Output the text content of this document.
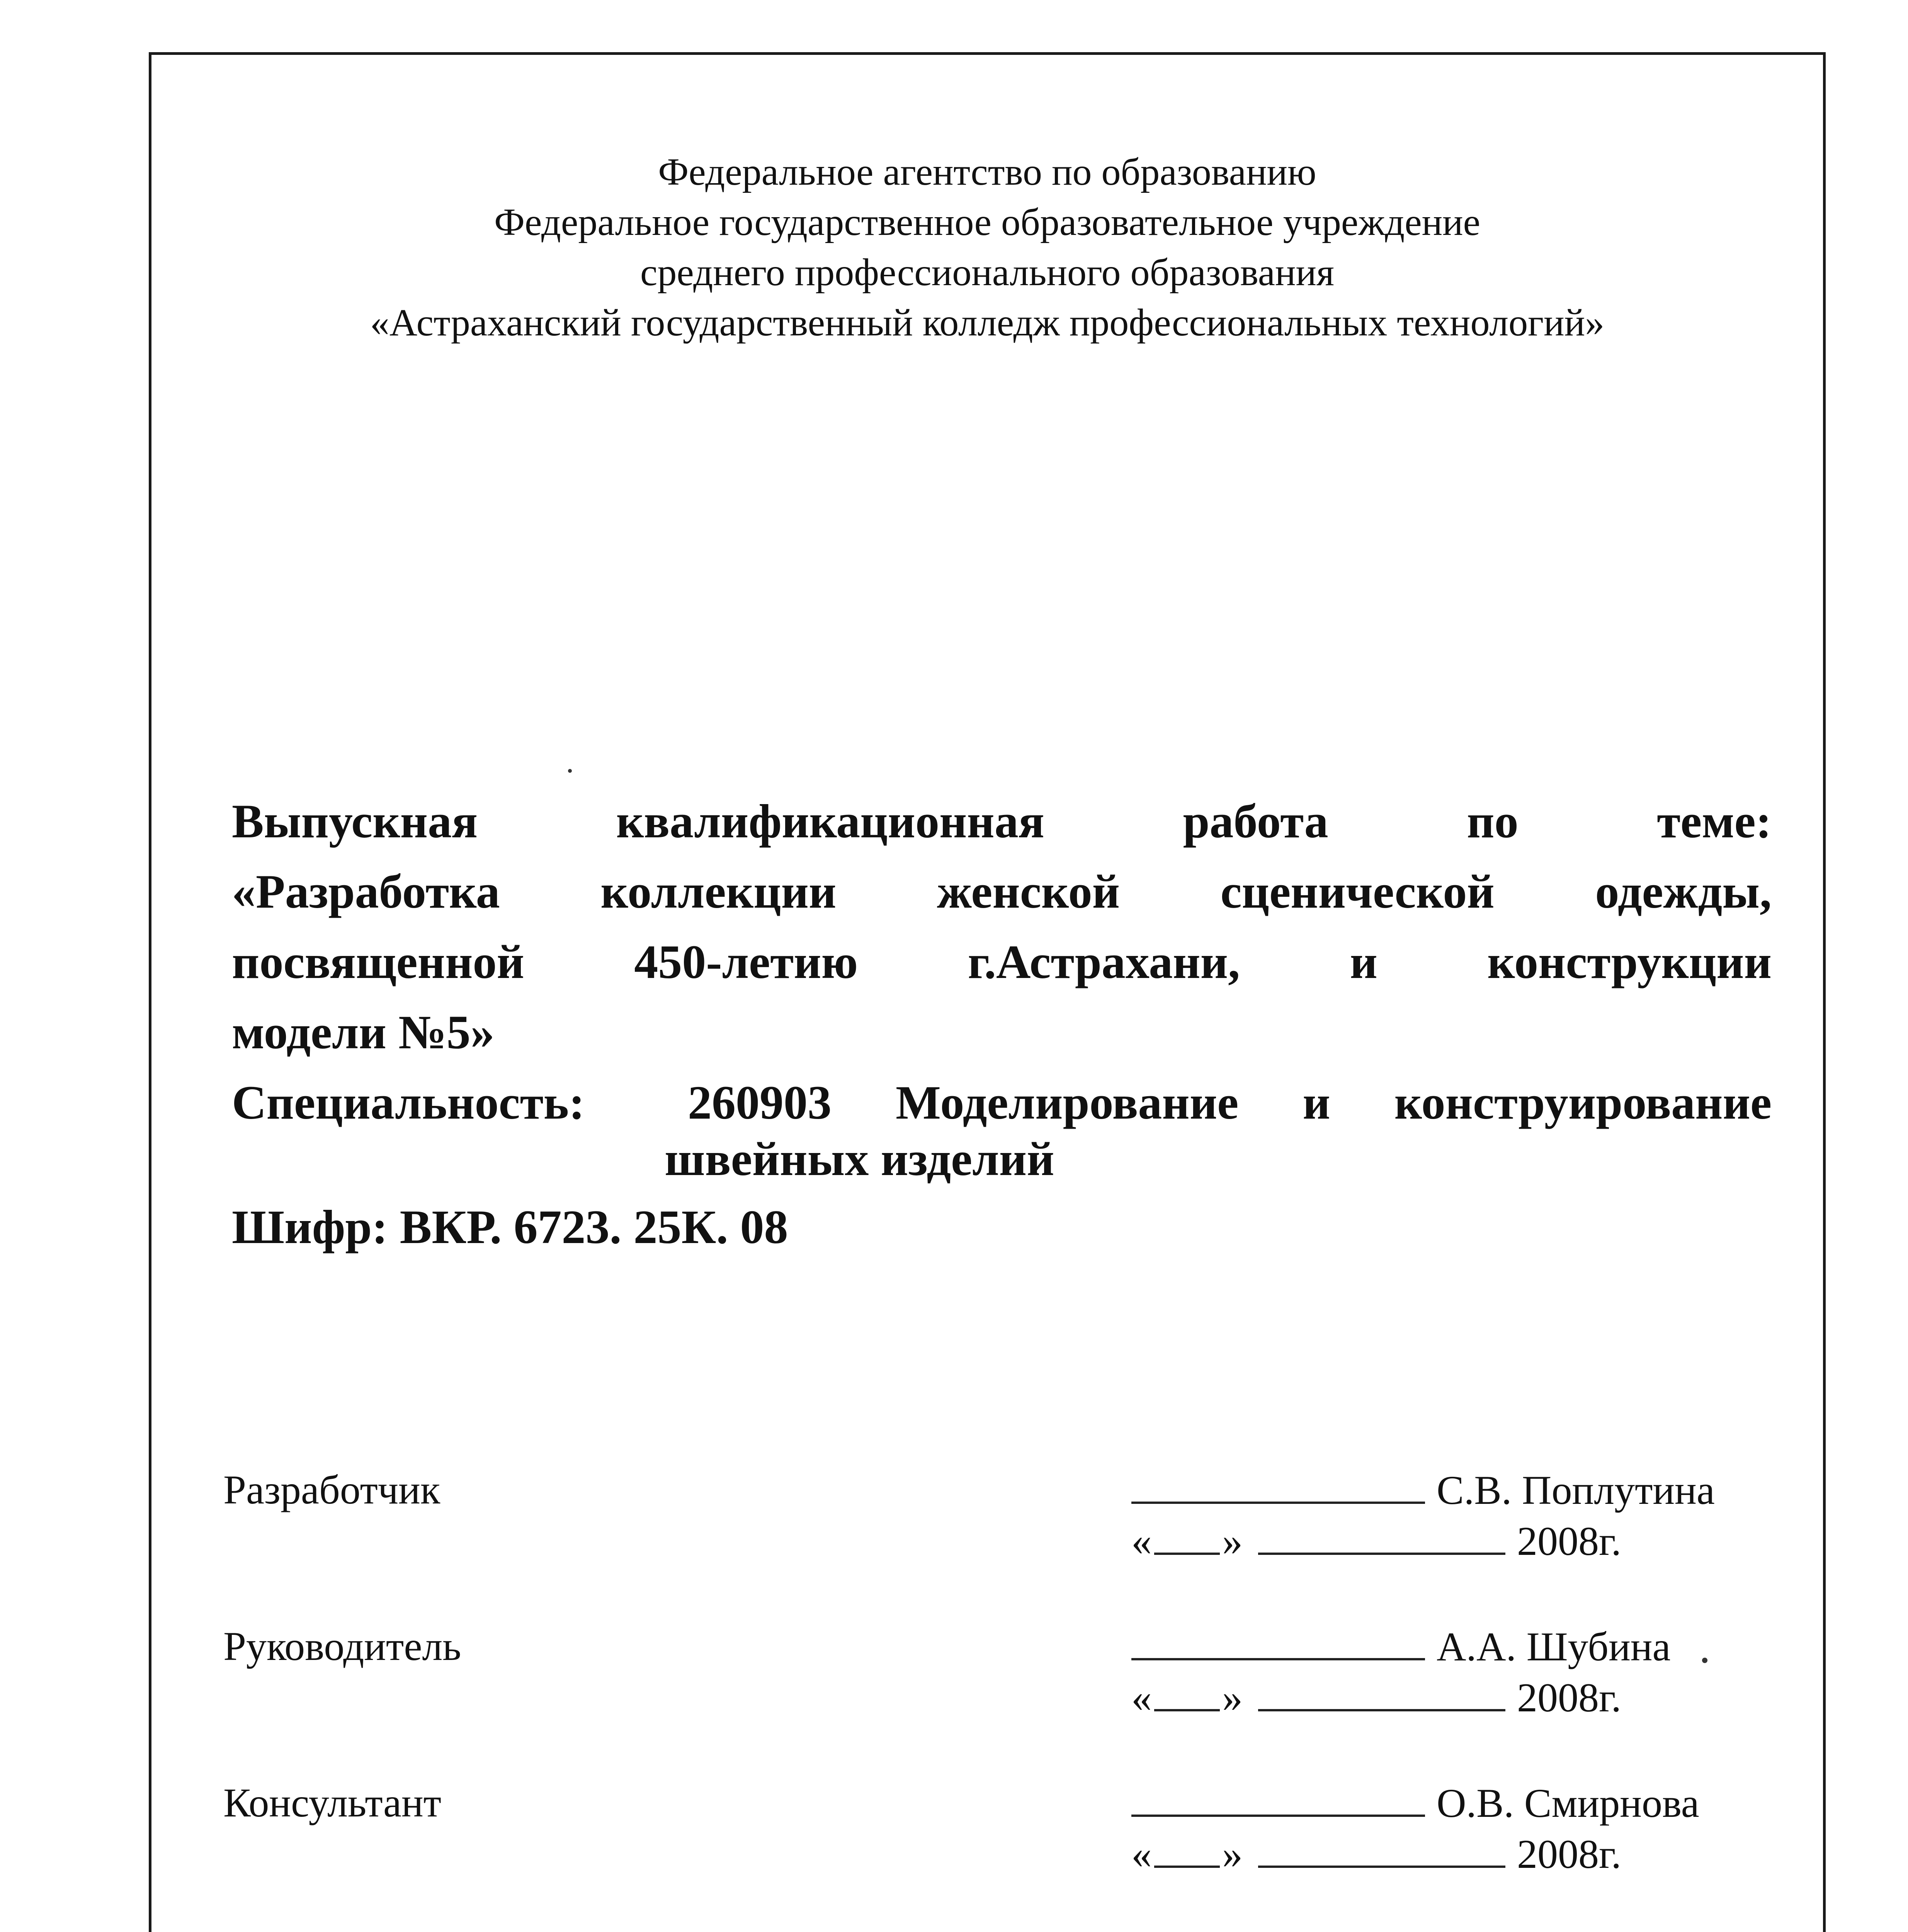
Федеральное агентство по образованию
Федеральное государственное образовательное учреждение
среднего профессионального образования
«Астраханский государственный колледж профессиональных технологий»
Выпускная	квалификационная	работа	по	теме:
«Разработка коллекции женской сценической одежды,
посвященной 450-летию г.Астрахани, и конструкции
модели №5»
Специальность: 260903 Моделирование и конструирование
швейных изделий
Шифр: ВКР. 6723. 25К. 08
Разработчик	С.В. Поплутина
« »	2008г.
Руководитель	А.А. Шубина
« »	2008г.
Консультант	О.В. Смирнова
« »	2008г.
